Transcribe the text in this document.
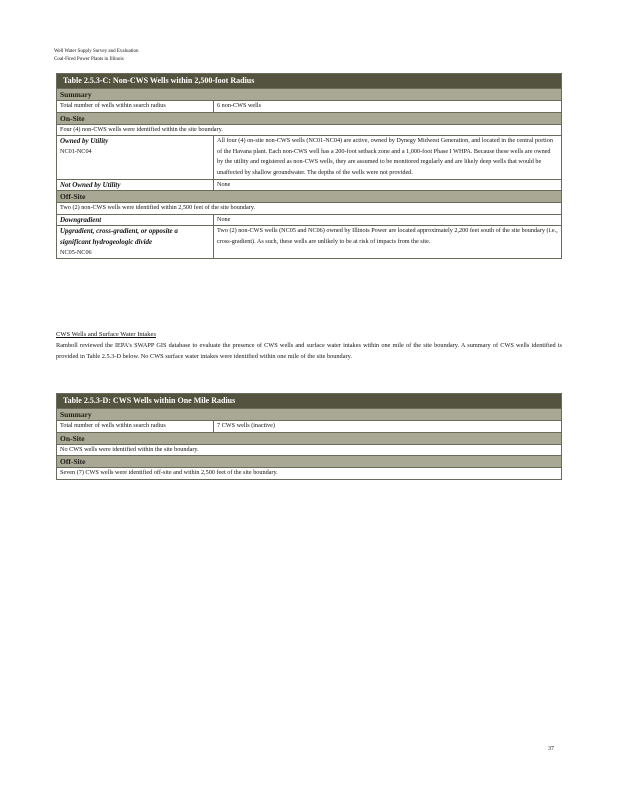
Well Water Supply Survey and Evaluation
Coal-Fired Power Plants in Illinois
Table 2.5.3-C: Non-CWS Wells within 2,500-foot Radius	
Summary	
Total number of wells within search radius	6 non-CWS wells
On-Site	
Four (4) non-CWS wells were identified within the site boundary.	

Owned by Utility
NC01-NC04	All four (4) on-site non-CWS wells (NC01-NC04) are active, owned by Dynegy Midwest Generation, and located in the central portion of the Havana plant. Each non-CWS well has a 200-foot setback zone and a 1,000-foot Phase I WHPA. Because these wells are owned by the utility and registered as non-CWS wells, they are assumed to be monitored regularly and are likely deep wells that would be unaffected by shallow groundwater. The depths of the wells were not provided.
Not Owned by Utility	None
Off-Site	
Two (2) non-CWS wells were identified within 2,500 feet of the site boundary.	
Downgradient	None

Upgradient, cross-gradient, or opposite a significant hydrogeologic divide
NC05-NC06	Two (2) non-CWS wells (NC05 and NC06) owned by Illinois Power are located approximately 2,200 feet south of the site boundary (i.e., cross-gradient). As such, these wells are unlikely to be at risk of impacts from the site.
CWS Wells and Surface Water Intakes
Ramboll reviewed the IEPA's SWAPP GIS database to evaluate the presence of CWS wells and surface water intakes within one mile of the site boundary. A summary of CWS wells identified is provided in Table 2.5.3-D below. No CWS surface water intakes were identified within one mile of the site boundary.
Table 2.5.3-D: CWS Wells within One Mile Radius
Summary
Total number of wells within search radius	7 CWS wells (inactive)
On-Site
No CWS wells were identified within the site boundary.
Off-Site
Seven (7) CWS wells were identified off-site and within 2,500 feet of the site boundary.
37
